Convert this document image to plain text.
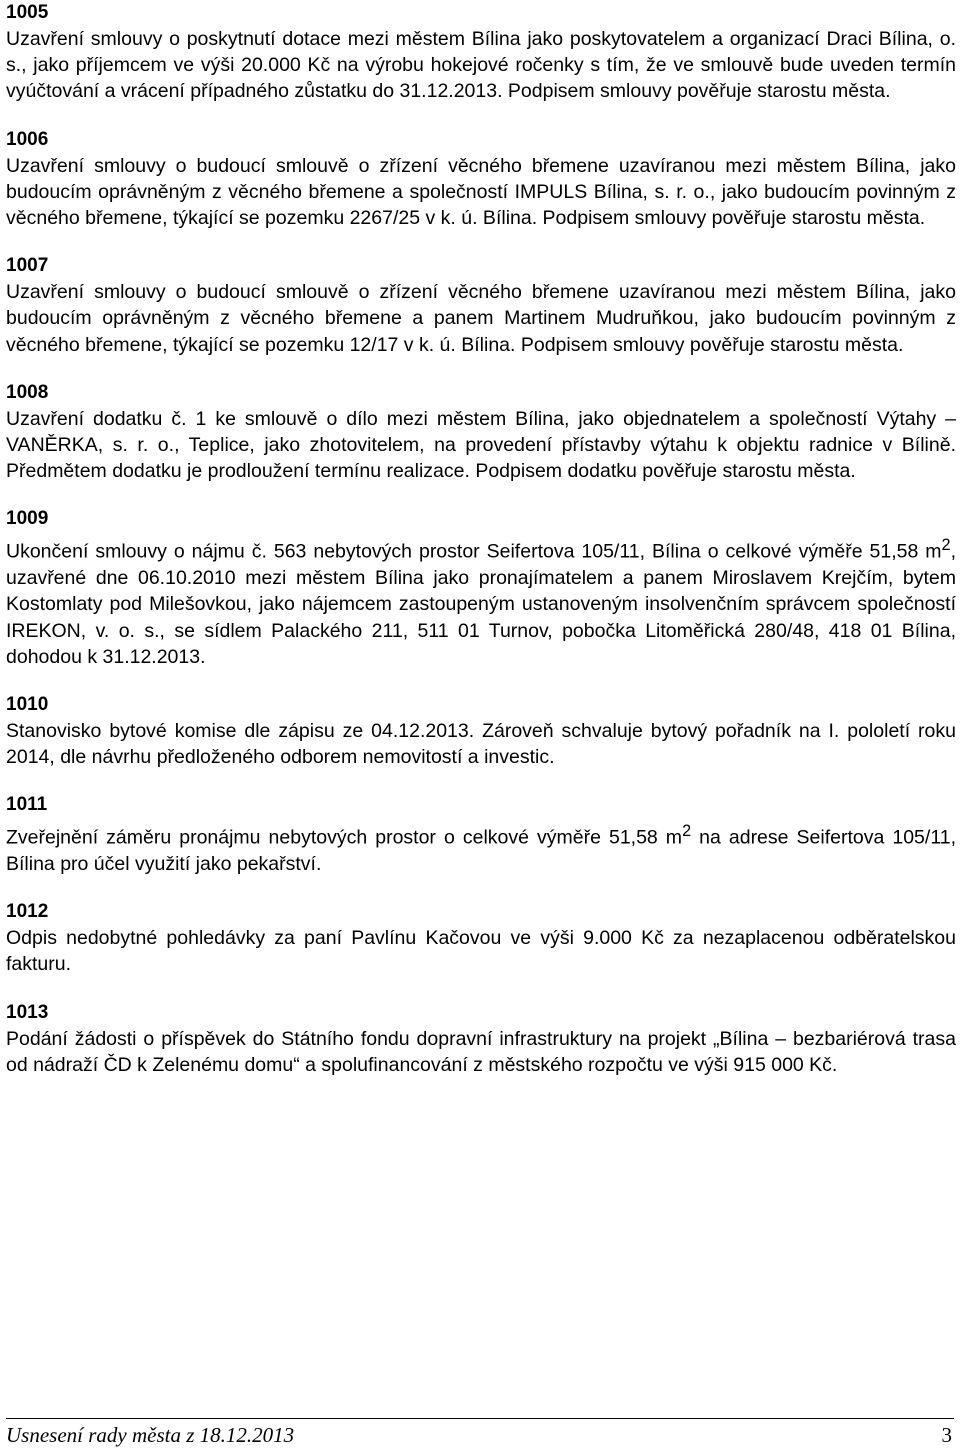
1005

Uzavření smlouvy o poskytnutí dotace mezi městem Bílina jako poskytovatelem a organizací Draci Bílina, o. s., jako příjemcem ve výši 20.000 Kč na výrobu hokejové ročenky s tím, že ve smlouvě bude uveden termín vyúčtování a vrácení případného zůstatku do 31.12.2013. Podpisem smlouvy pověřuje starostu města.

1006

Uzavření smlouvy o budoucí smlouvě o zřízení věcného břemene uzavíranou mezi městem Bílina, jako budoucím oprávněným z věcného břemene a společností IMPULS Bílina, s. r. o., jako budoucím povinným z věcného břemene, týkající se pozemku 2267/25 v k. ú. Bílina. Podpisem smlouvy pověřuje starostu města.

1007

Uzavření smlouvy o budoucí smlouvě o zřízení věcného břemene uzavíranou mezi městem Bílina, jako budoucím oprávněným z věcného břemene a panem Martinem Mudruňkou, jako budoucím povinným z věcného břemene, týkající se pozemku 12/17 v k. ú. Bílina. Podpisem smlouvy pověřuje starostu města.

1008

Uzavření dodatku č. 1 ke smlouvě o dílo mezi městem Bílina, jako objednatelem a společností Výtahy – VANĚRKA, s. r. o., Teplice, jako zhotovitelem, na provedení přístavby výtahu k objektu radnice v Bílině. Předmětem dodatku je prodloužení termínu realizace. Podpisem dodatku pověřuje starostu města.

1009

Ukončení smlouvy o nájmu č. 563 nebytových prostor Seifertova 105/11, Bílina o celkové výměře 51,58 $m^2$, uzavřené dne 06.10.2010 mezi městem Bílina jako pronajímatelem a panem Miroslavem Krejčím, bytem Kostomlaty pod Milešovkou, jako nájemcem zastoupeným ustanoveným insolvenčním správcem společností IREKON, v. o. s., se sídlem Palackého 211, 511 01 Turnov, pobočka Litoměřická 280/48, 418 01 Bílina, dohodou k 31.12.2013.

1010

Stanovisko bytové komise dle zápisu ze 04.12.2013. Zároveň schvaluje bytový pořadník na I. pololetí roku 2014, dle návrhu předloženého odborem nemovitostí a investic.

1011

Zveřejnění záměru pronájmu nebytových prostor o celkové výměře 51,58 $m^2$ na adrese Seifertova 105/11, Bílina pro účel využití jako pekařství.

1012

Odpis nedobytné pohledávky za paní Pavlínu Kačovou ve výši 9.000 Kč za nezaplacenou odběratelskou fakturu.

1013

Podání žádosti o příspěvek do Státního fondu dopravní infrastruktury na projekt „Bílina – bezbariérová trasa od nádraží ČD k Zelenému domu“ a spolufinancování z městského rozpočtu ve výši 915 000 Kč.

Usnesení rady města z 18.12.2013	3
